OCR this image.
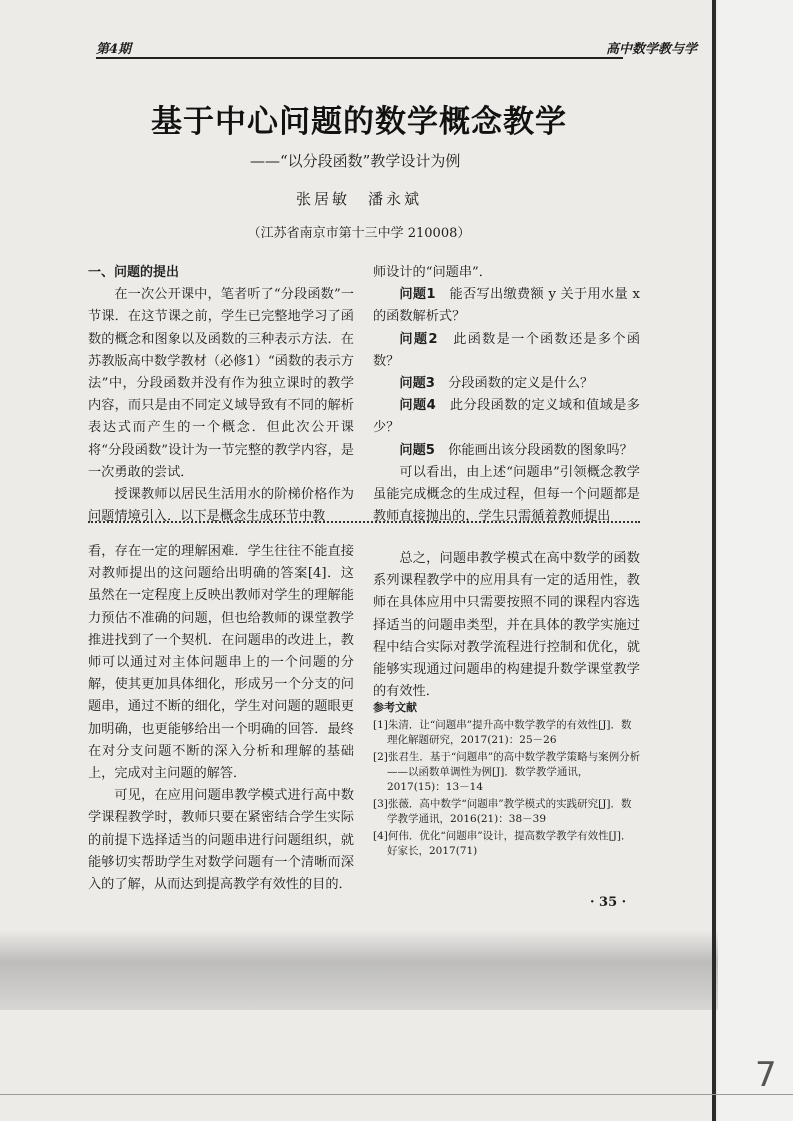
第4期	高中数学教与学
基于中心问题的数学概念教学
——“以分段函数”教学设计为例
张居敏　潘永斌
（江苏省南京市第十三中学 210008）

一、问题的提出

在一次公开课中，笔者听了“分段函数”一节课．在这节课之前，学生已完整地学习了函数的概念和图象以及函数的三种表示方法．在苏教版高中数学教材（必修1）“函数的表示方法”中，分段函数并没有作为独立课时的教学内容，而只是由不同定义域导致有不同的解析表达式而产生的一个概念．但此次公开课将“分段函数”设计为一节完整的教学内容，是一次勇敢的尝试．

授课教师以居民生活用水的阶梯价格作为问题情境引入．以下是概念生成环节中教

师设计的“问题串”．

问题1　 能否写出缴费额 y 关于用水量 x 的函数解析式？

问题2　 此函数是一个函数还是多个函数？

问题3　 分段函数的定义是什么？

问题4　 此分段函数的定义域和值域是多少？

问题5　 你能画出该分段函数的图象吗？

可以看出，由上述“问题串”引领概念教学虽能完成概念的生成过程，但每一个问题都是教师直接抛出的，学生只需循着教师提出

看，存在一定的理解困难．学生往往不能直接对教师提出的这问题给出明确的答案[4]．这虽然在一定程度上反映出教师对学生的理解能力预估不准确的问题，但也给教师的课堂教学推进找到了一个契机．在问题串的改进上，教师可以通过对主体问题串上的一个问题的分解，使其更加具体细化，形成另一个分支的问题串，通过不断的细化，学生对问题的题眼更加明确，也更能够给出一个明确的回答．最终在对分支问题不断的深入分析和理解的基础上，完成对主问题的解答．

可见，在应用问题串教学模式进行高中数学课程教学时，教师只要在紧密结合学生实际的前提下选择适当的问题串进行问题组织，就能够切实帮助学生对数学问题有一个清晰而深入的了解，从而达到提高教学有效性的目的．

总之，问题串教学模式在高中数学的函数系列课程教学中的应用具有一定的适用性，教师在具体应用中只需要按照不同的课程内容选择适当的问题串类型，并在具体的教学实施过程中结合实际对教学流程进行控制和优化，就能够实现通过问题串的构建提升数学课堂教学的有效性．

参考文献
[1]朱清．让“问题串”提升高中数学教学的有效性[J]．数理化解题研究，2017(21)：25－26
[2]张君生．基于“问题串”的高中数学教学策略与案例分析——以函数单调性为例[J]．数学教学通讯，2017(15)：13－14
[3]张薇．高中数学“问题串”教学模式的实践研究[J]．数学教学通讯，2016(21)：38－39
[4]何伟．优化“问题串”设计，提高数学教学有效性[J]．好家长，2017(71)
· 35 ·
7
